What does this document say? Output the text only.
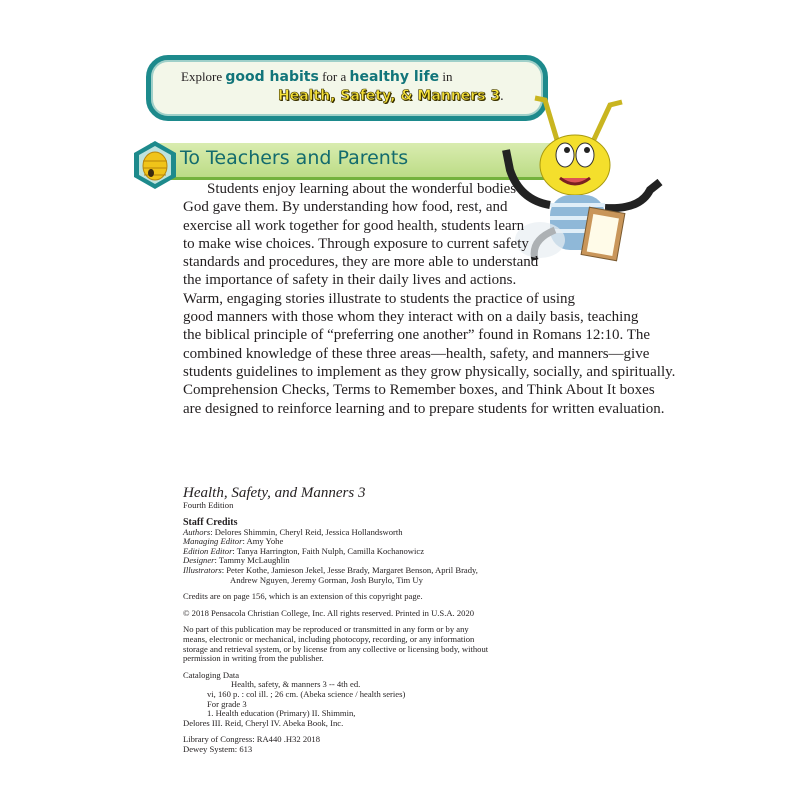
Explore good habits for a healthy life in
Health, Safety, & Manners 3.
To Teachers and Parents
Students enjoy learning about the wonderful bodies
God gave them. By understanding how food, rest, and
exercise all work together for good health, students learn
to make wise choices. Through exposure to current safety
standards and procedures, they are more able to understand
the importance of safety in their daily lives and actions.
Warm, engaging stories illustrate to students the practice of using
good manners with those whom they interact with on a daily basis, teaching
the biblical principle of “preferring one another” found in Romans 12:10. The
combined knowledge of these three areas—health, safety, and manners—give
students guidelines to implement as they grow physically, socially, and spiritually.
Comprehension Checks, Terms to Remember boxes, and Think About It boxes
are designed to reinforce learning and to prepare students for written evaluation.
Health, Safety, and Manners 3
Fourth Edition
Staff Credits
Authors: Delores Shimmin, Cheryl Reid, Jessica Hollandsworth
Managing Editor: Amy Yohe
Edition Editor: Tanya Harrington, Faith Nulph, Camilla Kochanowicz
Designer: Tammy McLaughlin
Illustrators: Peter Kothe, Jamieson Jekel, Jesse Brady, Margaret Benson, April Brady,
Andrew Nguyen, Jeremy Gorman, Josh Burylo, Tim Uy
Credits are on page 156, which is an extension of this copyright page.
© 2018 Pensacola Christian College, Inc. All rights reserved. Printed in U.S.A. 2020
No part of this publication may be reproduced or transmitted in any form or by any
means, electronic or mechanical, including photocopy, recording, or any information
storage and retrieval system, or by license from any collective or licensing body, without
permission in writing from the publisher.
Cataloging Data
Health, safety, & manners 3 -- 4th ed.
vi, 160 p. : col ill. ; 26 cm. (Abeka science / health series)
For grade 3
1. Health education (Primary) II. Shimmin,
Delores III. Reid, Cheryl IV. Abeka Book, Inc.
Library of Congress: RA440 .H32 2018
Dewey System: 613
